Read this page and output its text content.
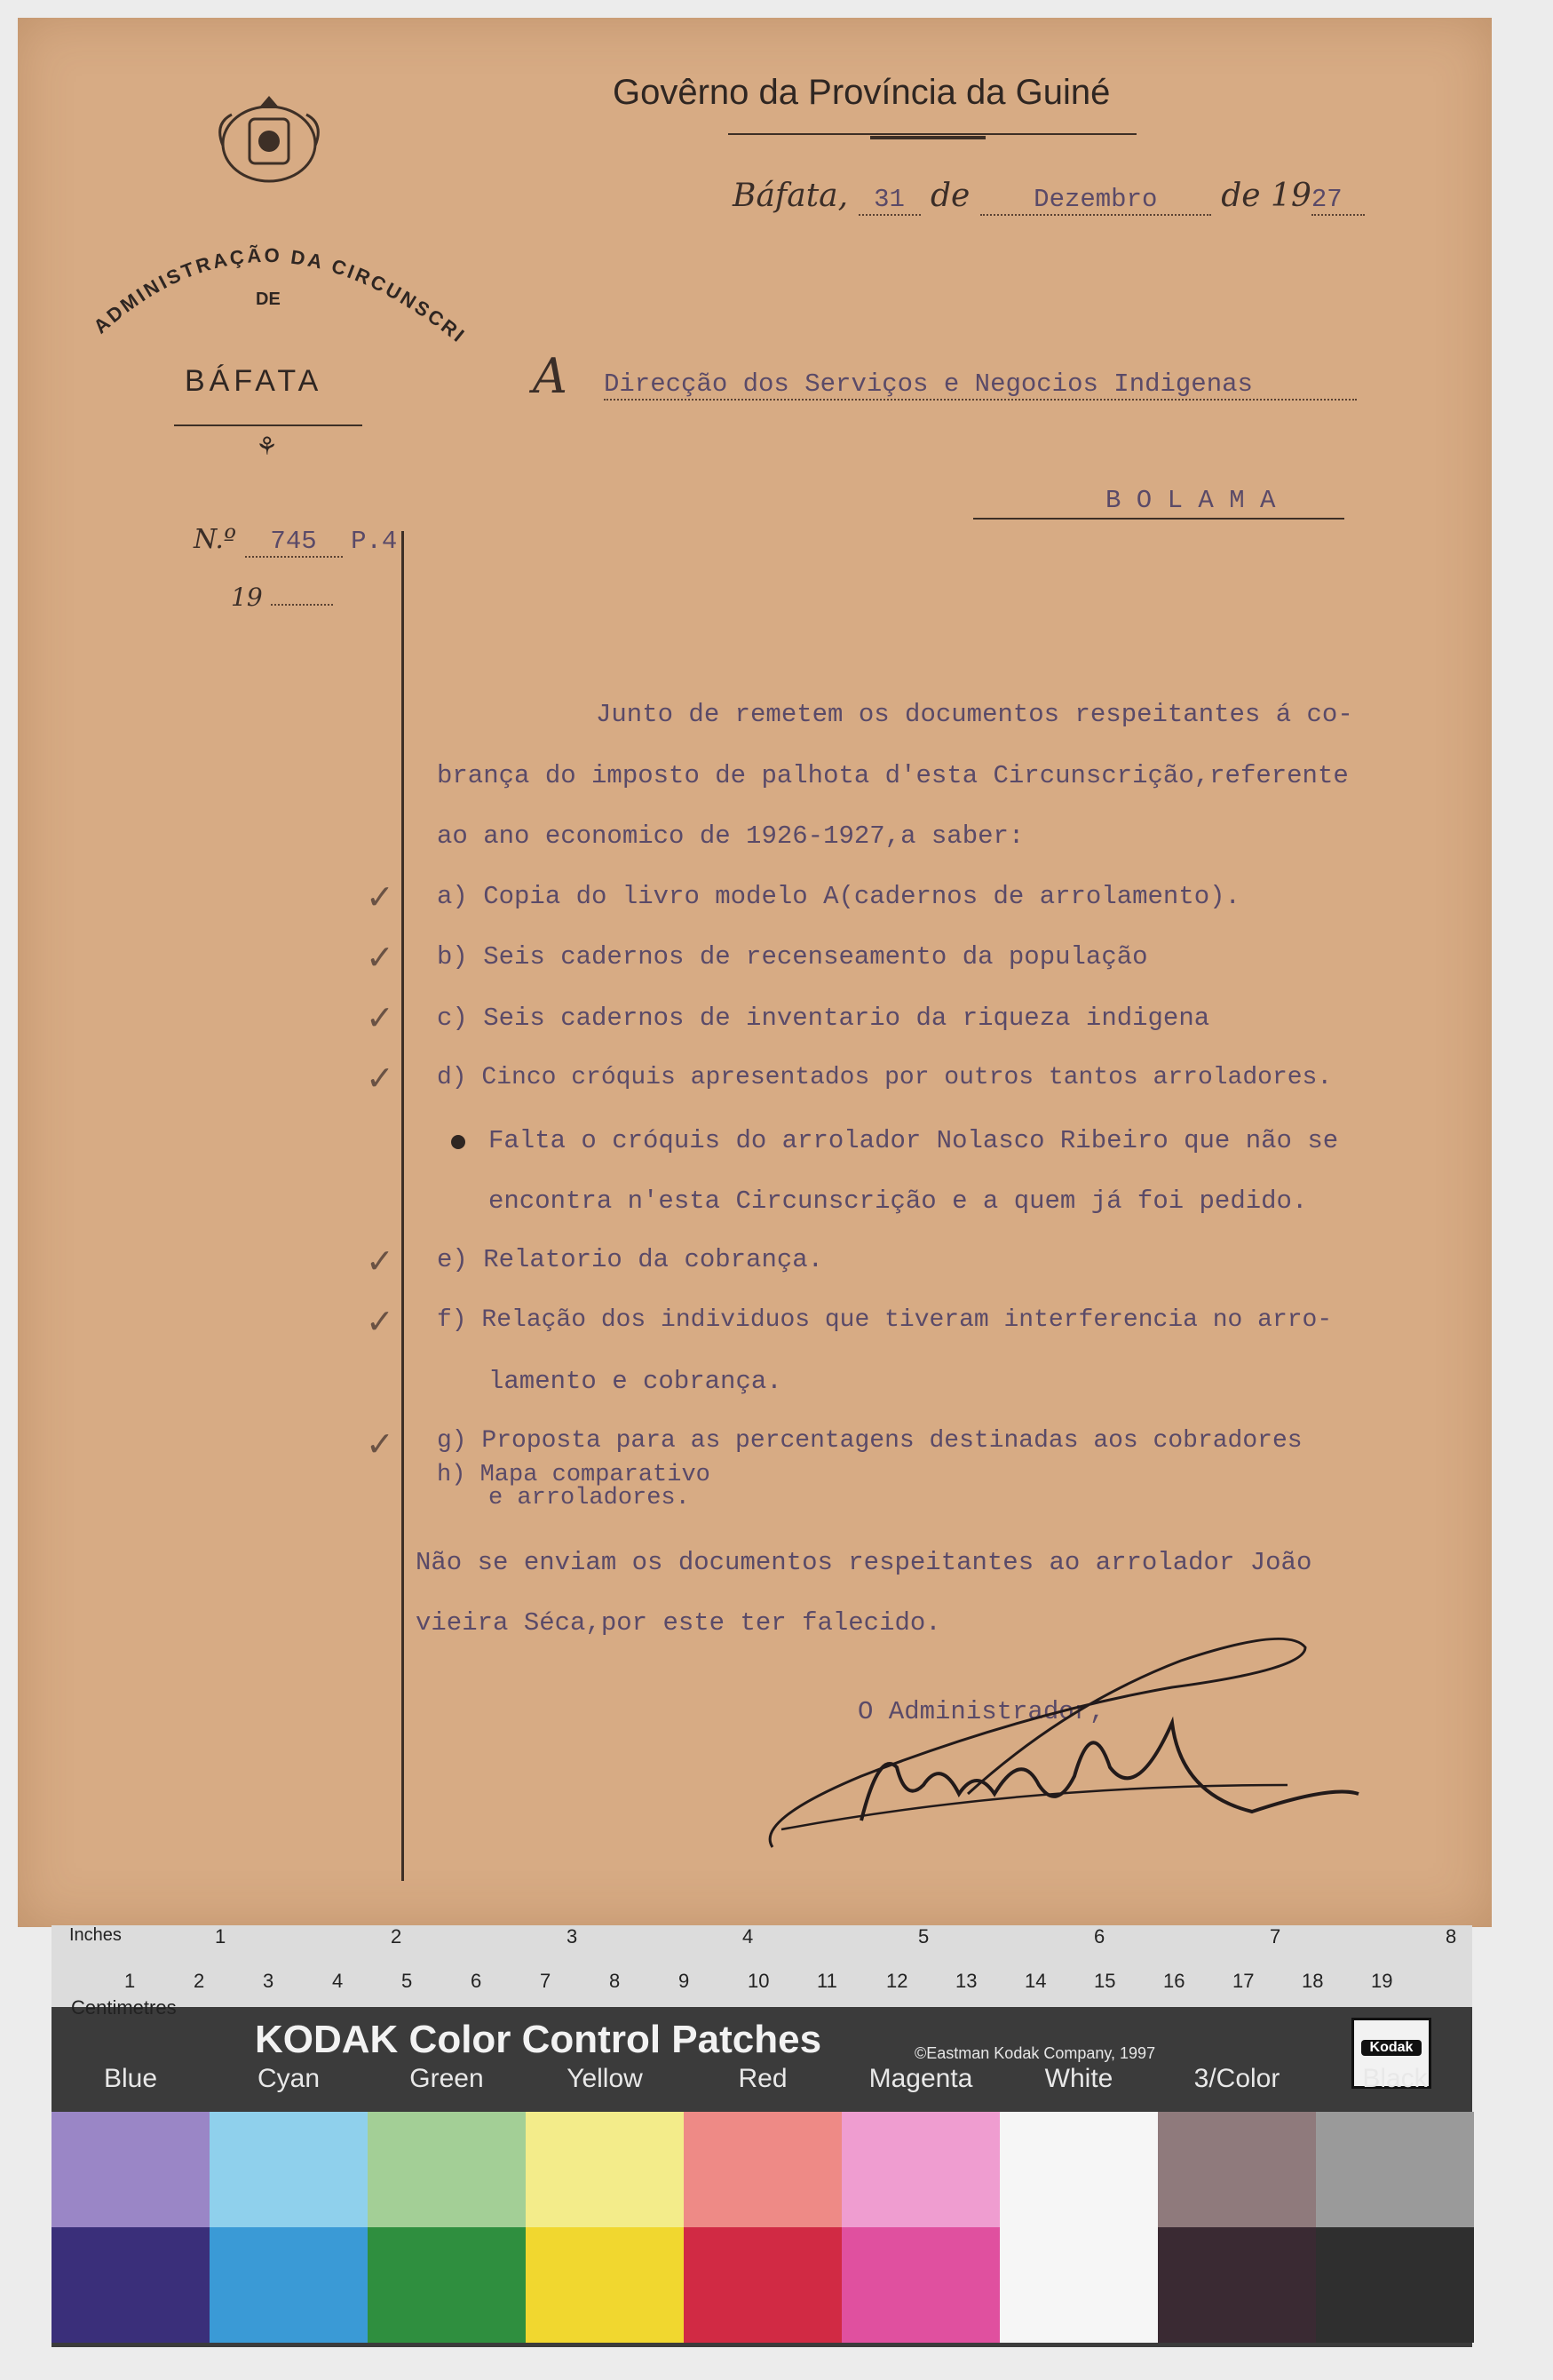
Govêrno da Província da Guiné
ADMINISTRAÇÃO DA CIRCUNSCRI
DE
BÁFATA
⚘
Báfata, 31 de Dezembro de 1927
A Direcção dos Serviços e Negocios Indigenas
B O L A M A
N.º 745 P.4
19
Junto de remetem os documentos respeitantes á co-
brança do imposto de palhota d'esta Circunscrição,referente
ao ano economico de 1926-1927,a saber:
✓ a) Copia do livro modelo A(cadernos de arrolamento).
✓ b) Seis cadernos de recenseamento da população
✓ c) Seis cadernos de inventario da riqueza indigena
✓ d) Cinco cróquis apresentados por outros tantos arroladores.
Falta o cróquis do arrolador Nolasco Ribeiro que não se
encontra n'esta Circunscrição e a quem já foi pedido.
✓ e) Relatorio da cobrança.
✓ f) Relação dos individuos que tiveram interferencia no arro-
lamento e cobrança.
✓ g) Proposta para as percentagens destinadas aos cobradores
h) Mapa comparativo
e arroladores.
Não se enviam os documentos respeitantes ao arrolador João
vieira Séca,por este ter falecido.
O Administrador,
Inches
Centimetres
1	2	3	4	5	6	7	8
1	2	3	4	5	6	7	8	9	10 11	12 13 14 15 16 17 18 19
KODAK Color Control Patches	©Eastman Kodak Company, 1997	Kodak
Blue	Cyan	Green	Yellow	Red	Magenta	White	3/Color	Black
